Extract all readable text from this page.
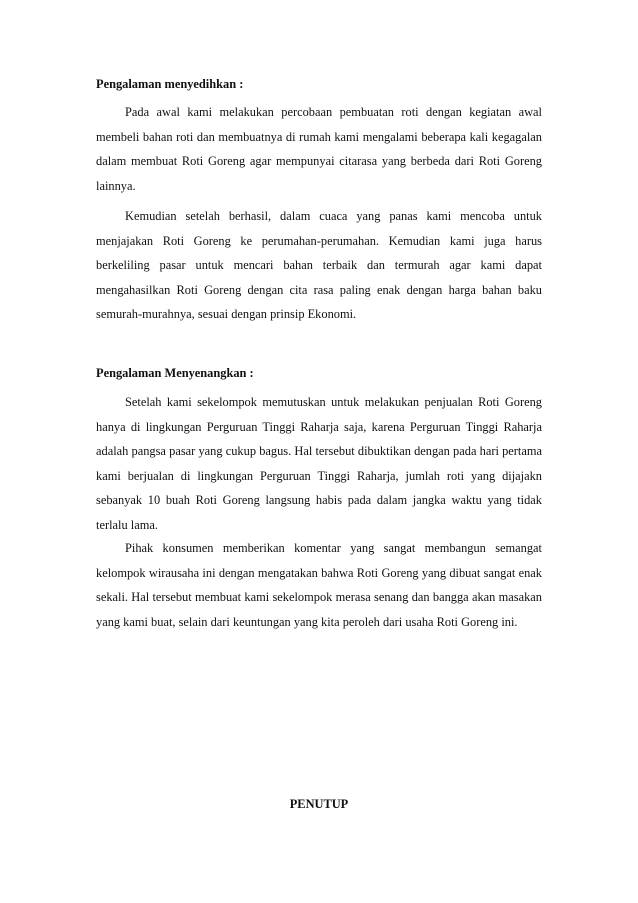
Pengalaman menyedihkan :

Pada awal kami melakukan percobaan pembuatan roti dengan kegiatan awal membeli bahan roti dan membuatnya di rumah kami mengalami beberapa kali kegagalan dalam membuat Roti Goreng agar mempunyai citarasa yang berbeda dari Roti Goreng lainnya.

Kemudian setelah berhasil, dalam cuaca yang panas kami mencoba untuk menjajakan Roti Goreng ke perumahan-perumahan. Kemudian kami juga harus berkeliling pasar untuk mencari bahan terbaik dan termurah agar kami dapat mengahasilkan Roti Goreng dengan cita rasa paling enak dengan harga bahan baku semurah-murahnya, sesuai dengan prinsip Ekonomi.

Pengalaman Menyenangkan :

Setelah kami sekelompok memutuskan untuk melakukan penjualan Roti Goreng hanya di lingkungan Perguruan Tinggi Raharja saja, karena Perguruan Tinggi Raharja adalah pangsa pasar yang cukup bagus. Hal tersebut dibuktikan dengan pada hari pertama kami berjualan di lingkungan Perguruan Tinggi Raharja, jumlah roti yang dijajakn sebanyak 10 buah Roti Goreng langsung habis pada dalam jangka waktu yang tidak terlalu lama.

Pihak konsumen memberikan komentar yang sangat membangun semangat kelompok wirausaha ini dengan mengatakan bahwa Roti Goreng yang dibuat sangat enak sekali. Hal tersebut membuat kami sekelompok merasa senang dan bangga akan masakan yang kami buat, selain dari keuntungan yang kita peroleh dari usaha Roti Goreng ini.

PENUTUP
